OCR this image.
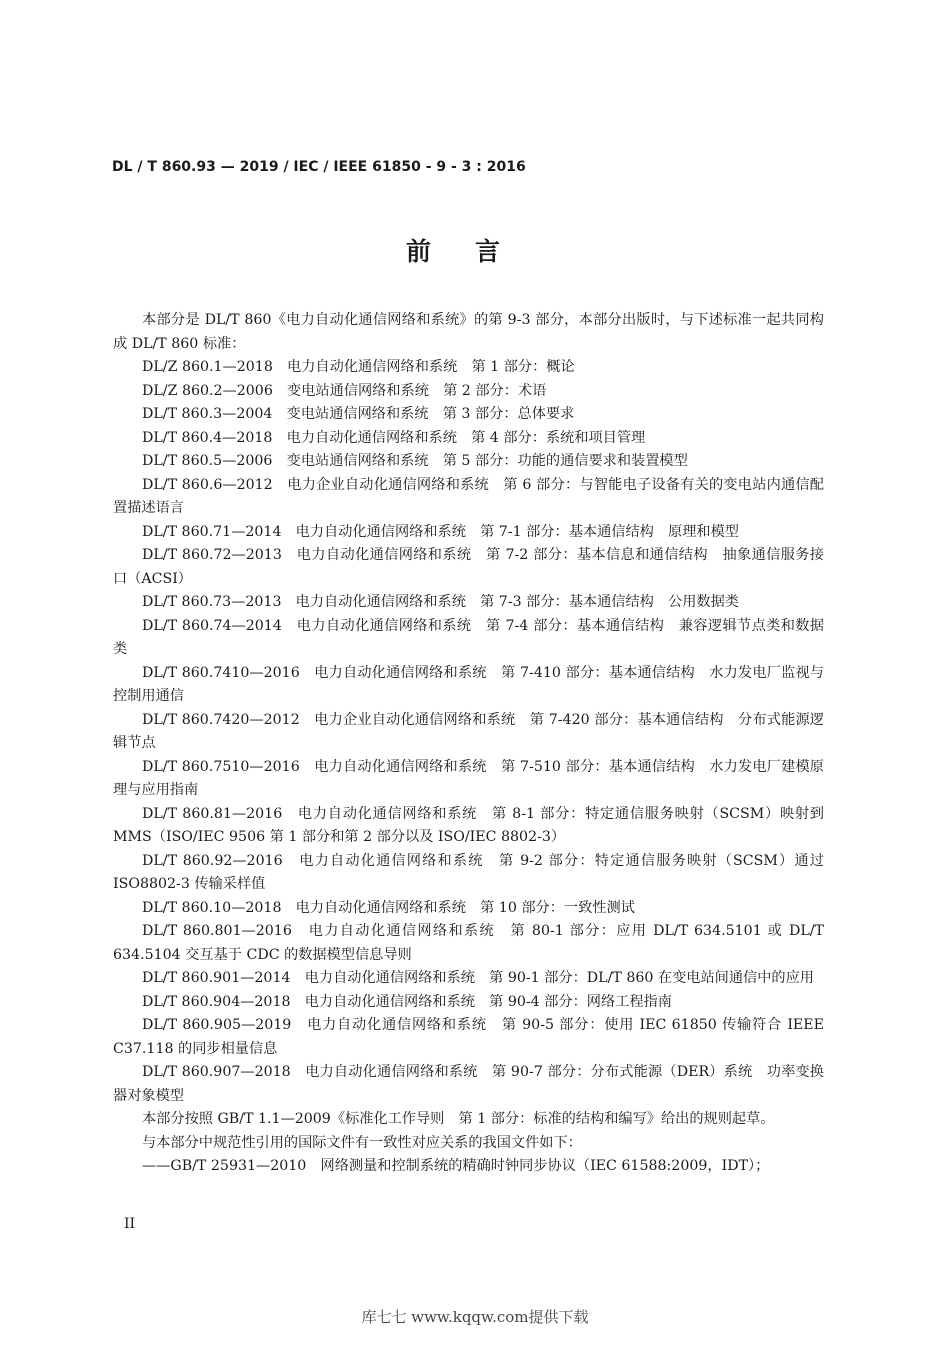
DL / T 860.93 — 2019 / IEC / IEEE 61850 - 9 - 3 : 2016
前言

本部分是 DL/T 860《电力自动化通信网络和系统》的第 9-3 部分，本部分出版时，与下述标准一起共同构成 DL/T 860 标准：

DL/Z 860.1—2018　电力自动化通信网络和系统　第 1 部分：概论

DL/Z 860.2—2006　变电站通信网络和系统　第 2 部分：术语

DL/T 860.3—2004　变电站通信网络和系统　第 3 部分：总体要求

DL/T 860.4—2018　电力自动化通信网络和系统　第 4 部分：系统和项目管理

DL/T 860.5—2006　变电站通信网络和系统　第 5 部分：功能的通信要求和装置模型

DL/T 860.6—2012　电力企业自动化通信网络和系统　第 6 部分：与智能电子设备有关的变电站内通信配置描述语言

DL/T 860.71—2014　电力自动化通信网络和系统　第 7-1 部分：基本通信结构　原理和模型

DL/T 860.72—2013　电力自动化通信网络和系统　第 7-2 部分：基本信息和通信结构　抽象通信服务接口（ACSI）

DL/T 860.73—2013　电力自动化通信网络和系统　第 7-3 部分：基本通信结构　公用数据类

DL/T 860.74—2014　电力自动化通信网络和系统　第 7-4 部分：基本通信结构　兼容逻辑节点类和数据类

DL/T 860.7410—2016　电力自动化通信网络和系统　第 7-410 部分：基本通信结构　水力发电厂监视与控制用通信

DL/T 860.7420—2012　电力企业自动化通信网络和系统　第 7-420 部分：基本通信结构　分布式能源逻辑节点

DL/T 860.7510—2016　电力自动化通信网络和系统　第 7-510 部分：基本通信结构　水力发电厂建模原理与应用指南

DL/T 860.81—2016　电力自动化通信网络和系统　第 8-1 部分：特定通信服务映射（SCSM）映射到 MMS（ISO/IEC 9506 第 1 部分和第 2 部分以及 ISO/IEC 8802-3）

DL/T 860.92—2016　电力自动化通信网络和系统　第 9-2 部分：特定通信服务映射（SCSM）通过 ISO8802-3 传输采样值

DL/T 860.10—2018　电力自动化通信网络和系统　第 10 部分：一致性测试

DL/T 860.801—2016　电力自动化通信网络和系统　第 80-1 部分：应用 DL/T 634.5101 或 DL/T 634.5104 交互基于 CDC 的数据模型信息导则

DL/T 860.901—2014　电力自动化通信网络和系统　第 90-1 部分：DL/T 860 在变电站间通信中的应用

DL/T 860.904—2018　电力自动化通信网络和系统　第 90-4 部分：网络工程指南

DL/T 860.905—2019　电力自动化通信网络和系统　第 90-5 部分：使用 IEC 61850 传输符合 IEEE C37.118 的同步相量信息

DL/T 860.907—2018　电力自动化通信网络和系统　第 90-7 部分：分布式能源（DER）系统　功率变换器对象模型

本部分按照 GB/T 1.1—2009《标准化工作导则　第 1 部分：标准的结构和编写》给出的规则起草。

与本部分中规范性引用的国际文件有一致性对应关系的我国文件如下：

——GB/T 25931—2010　网络测量和控制系统的精确时钟同步协议（IEC 61588:2009，IDT）；

II
库七七 www.kqqw.com提供下载
